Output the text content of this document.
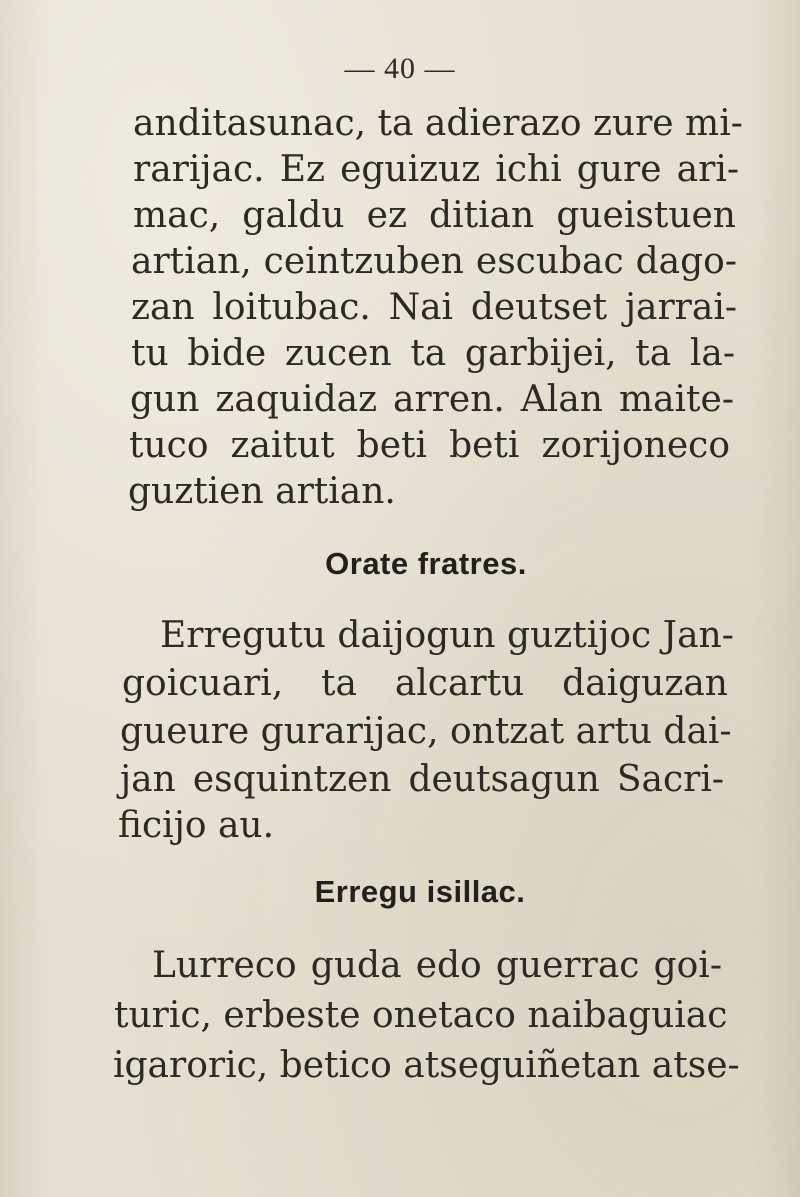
— 40 —
anditasunac, ta adierazo zure mi-
rarijac. Ez eguizuz ichi gure ari-
mac, galdu ez ditian gueistuen
artian, ceintzuben escubac dago-
zan loitubac. Nai deutset jarrai-
tu bide zucen ta garbijei, ta la-
gun zaquidaz arren. Alan maite-
tuco zaitut beti beti zorijoneco
guztien artian.
Orate fratres.
Erregutu daijogun guztijoc Jan-
goicuari, ta alcartu daiguzan
gueure gurarijac, ontzat artu dai-
jan esquintzen deutsagun Sacri-
ficijo au.
Erregu isillac.
Lurreco guda edo guerrac goi-
turic, erbeste onetaco naibaguiac
igaroric, betico atseguiñetan atse-
